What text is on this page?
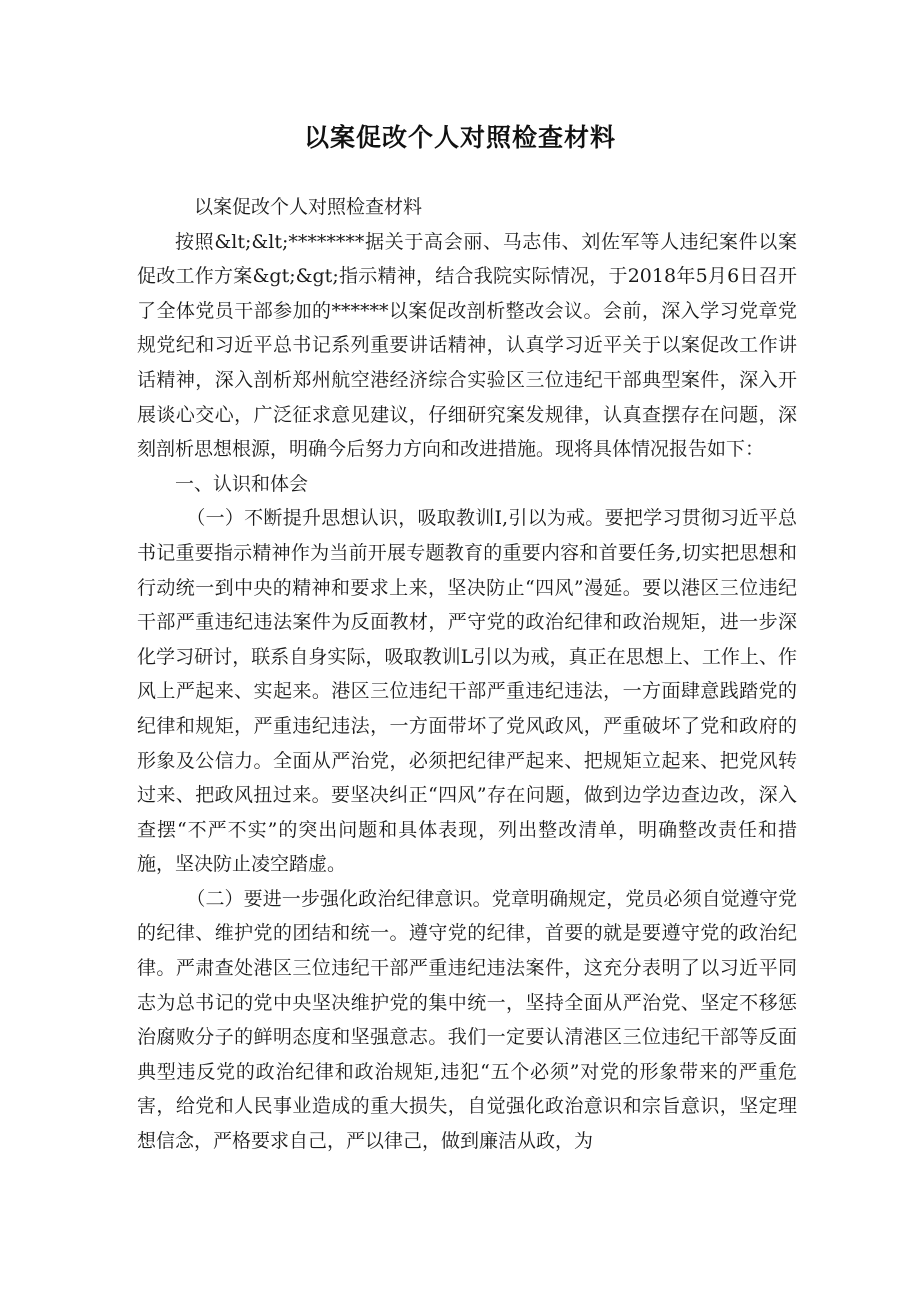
以案促改个人对照检查材料

以案促改个人对照检查材料

按照&lt;&lt;********据关于高会丽、马志伟、刘佐军等人违纪案件以案促改工作方案&gt;&gt;指示精神，结合我院实际情况，于2018年5月6日召开了全体党员干部参加的******以案促改剖析整改会议。会前，深入学习党章党规党纪和习近平总书记系列重要讲话精神，认真学习近平关于以案促改工作讲话精神，深入剖析郑州航空港经济综合实验区三位违纪干部典型案件，深入开展谈心交心，广泛征求意见建议，仔细研究案发规律，认真查摆存在问题，深刻剖析思想根源，明确今后努力方向和改进措施。现将具体情况报告如下：

一、认识和体会

（一）不断提升思想认识，吸取教训I,引以为戒。要把学习贯彻习近平总书记重要指示精神作为当前开展专题教育的重要内容和首要任务,切实把思想和行动统一到中央的精神和要求上来，坚决防止“四风”漫延。要以港区三位违纪干部严重违纪违法案件为反面教材，严守党的政治纪律和政治规矩，进一步深化学习研讨，联系自身实际，吸取教训L引以为戒，真正在思想上、工作上、作风上严起来、实起来。港区三位违纪干部严重违纪违法，一方面肆意践踏党的纪律和规矩，严重违纪违法，一方面带坏了党风政风，严重破坏了党和政府的形象及公信力。全面从严治党，必须把纪律严起来、把规矩立起来、把党风转过来、把政风扭过来。要坚决纠正“四风”存在问题，做到边学边查边改，深入查摆“不严不实”的突出问题和具体表现，列出整改清单，明确整改责任和措施，坚决防止凌空踏虚。

（二）要进一步强化政治纪律意识。党章明确规定，党员必须自觉遵守党的纪律、维护党的团结和统一。遵守党的纪律，首要的就是要遵守党的政治纪律。严肃查处港区三位违纪干部严重违纪违法案件，这充分表明了以习近平同志为总书记的党中央坚决维护党的集中统一，坚持全面从严治党、坚定不移惩治腐败分子的鲜明态度和坚强意志。我们一定要认清港区三位违纪干部等反面典型违反党的政治纪律和政治规矩,违犯“五个必须”对党的形象带来的严重危害，给党和人民事业造成的重大损失，自觉强化政治意识和宗旨意识，坚定理想信念，严格要求自己，严以律己，做到廉洁从政，为
